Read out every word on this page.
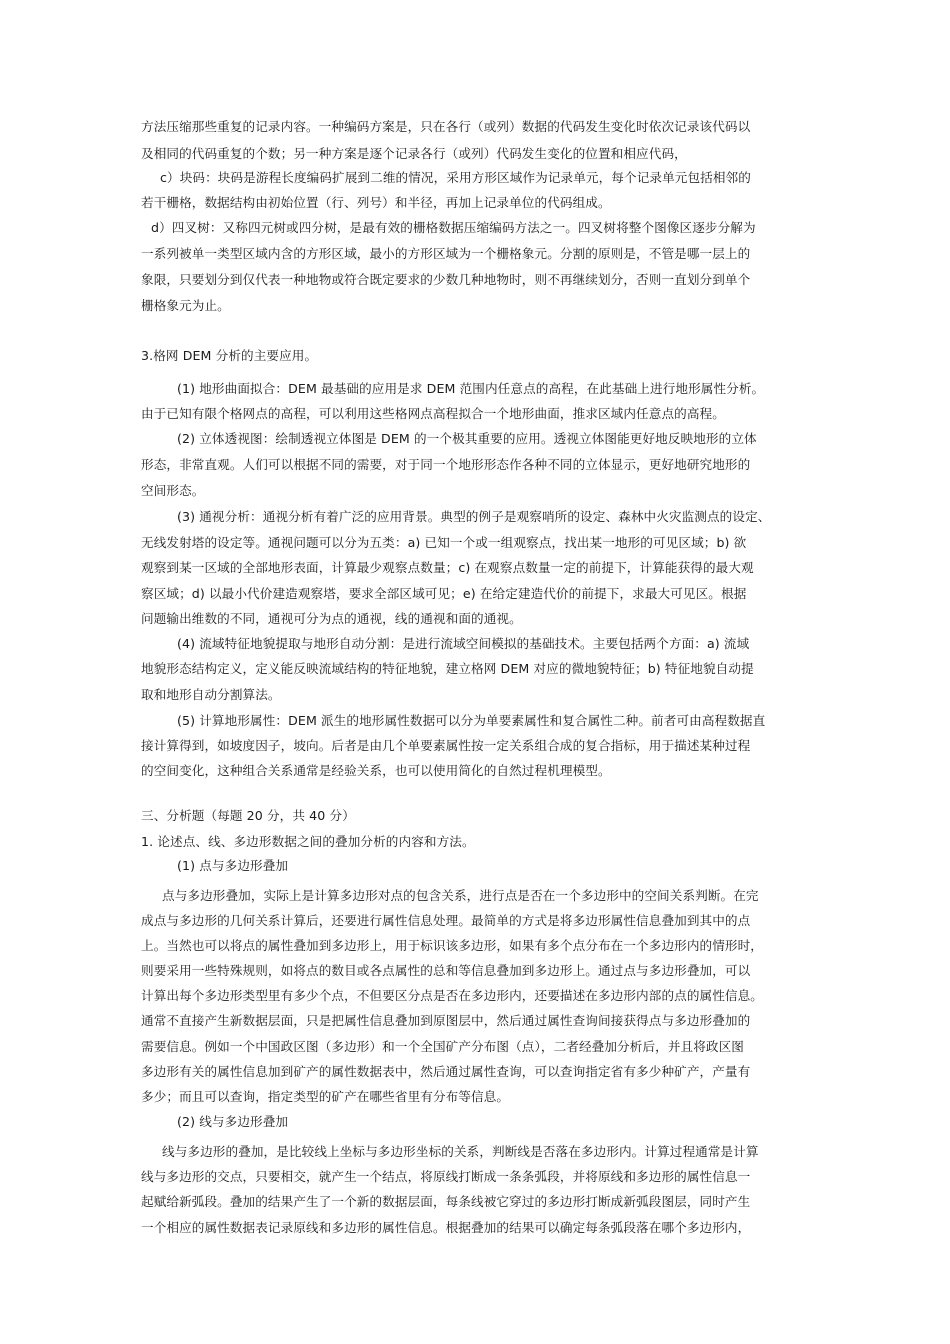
方法压缩那些重复的记录内容。一种编码方案是，只在各行（或列）数据的代码发生变化时依次记录该代码以
及相同的代码重复的个数；另一种方案是逐个记录各行（或列）代码发生变化的位置和相应代码，
c）块码：块码是游程长度编码扩展到二维的情况，采用方形区域作为记录单元，每个记录单元包括相邻的
若干栅格，数据结构由初始位置（行、列号）和半径，再加上记录单位的代码组成。
d）四叉树：又称四元树或四分树，是最有效的栅格数据压缩编码方法之一。四叉树将整个图像区逐步分解为
一系列被单一类型区域内含的方形区域，最小的方形区域为一个栅格象元。分割的原则是，不管是哪一层上的
象限，只要划分到仅代表一种地物或符合既定要求的少数几种地物时，则不再继续划分，否则一直划分到单个
栅格象元为止。
3.格网 DEM 分析的主要应用。
(1) 地形曲面拟合：DEM 最基础的应用是求 DEM 范围内任意点的高程，在此基础上进行地形属性分析。
由于已知有限个格网点的高程，可以利用这些格网点高程拟合一个地形曲面，推求区域内任意点的高程。
(2) 立体透视图：绘制透视立体图是 DEM 的一个极其重要的应用。透视立体图能更好地反映地形的立体
形态，非常直观。人们可以根据不同的需要，对于同一个地形形态作各种不同的立体显示，更好地研究地形的
空间形态。
(3) 通视分析：通视分析有着广泛的应用背景。典型的例子是观察哨所的设定、森林中火灾监测点的设定、
无线发射塔的设定等。通视问题可以分为五类：a) 已知一个或一组观察点，找出某一地形的可见区域；b) 欲
观察到某一区域的全部地形表面，计算最少观察点数量；c) 在观察点数量一定的前提下，计算能获得的最大观
察区域；d) 以最小代价建造观察塔，要求全部区域可见；e) 在给定建造代价的前提下，求最大可见区。根据
问题输出维数的不同，通视可分为点的通视，线的通视和面的通视。
(4) 流域特征地貌提取与地形自动分割：是进行流域空间模拟的基础技术。主要包括两个方面：a) 流域
地貌形态结构定义，定义能反映流域结构的特征地貌，建立格网 DEM 对应的微地貌特征；b) 特征地貌自动提
取和地形自动分割算法。
(5) 计算地形属性：DEM 派生的地形属性数据可以分为单要素属性和复合属性二种。前者可由高程数据直
接计算得到，如坡度因子，坡向。后者是由几个单要素属性按一定关系组合成的复合指标，用于描述某种过程
的空间变化，这种组合关系通常是经验关系，也可以使用简化的自然过程机理模型。
三、分析题（每题 20 分，共 40 分）
1. 论述点、线、多边形数据之间的叠加分析的内容和方法。
(1) 点与多边形叠加
点与多边形叠加，实际上是计算多边形对点的包含关系，进行点是否在一个多边形中的空间关系判断。在完
成点与多边形的几何关系计算后，还要进行属性信息处理。最简单的方式是将多边形属性信息叠加到其中的点
上。当然也可以将点的属性叠加到多边形上，用于标识该多边形，如果有多个点分布在一个多边形内的情形时，
则要采用一些特殊规则，如将点的数目或各点属性的总和等信息叠加到多边形上。通过点与多边形叠加，可以
计算出每个多边形类型里有多少个点，不但要区分点是否在多边形内，还要描述在多边形内部的点的属性信息。
通常不直接产生新数据层面，只是把属性信息叠加到原图层中，然后通过属性查询间接获得点与多边形叠加的
需要信息。例如一个中国政区图（多边形）和一个全国矿产分布图（点），二者经叠加分析后，并且将政区图
多边形有关的属性信息加到矿产的属性数据表中，然后通过属性查询，可以查询指定省有多少种矿产，产量有
多少；而且可以查询，指定类型的矿产在哪些省里有分布等信息。
(2) 线与多边形叠加
线与多边形的叠加，是比较线上坐标与多边形坐标的关系，判断线是否落在多边形内。计算过程通常是计算
线与多边形的交点，只要相交，就产生一个结点，将原线打断成一条条弧段，并将原线和多边形的属性信息一
起赋给新弧段。叠加的结果产生了一个新的数据层面，每条线被它穿过的多边形打断成新弧段图层，同时产生
一个相应的属性数据表记录原线和多边形的属性信息。根据叠加的结果可以确定每条弧段落在哪个多边形内，
